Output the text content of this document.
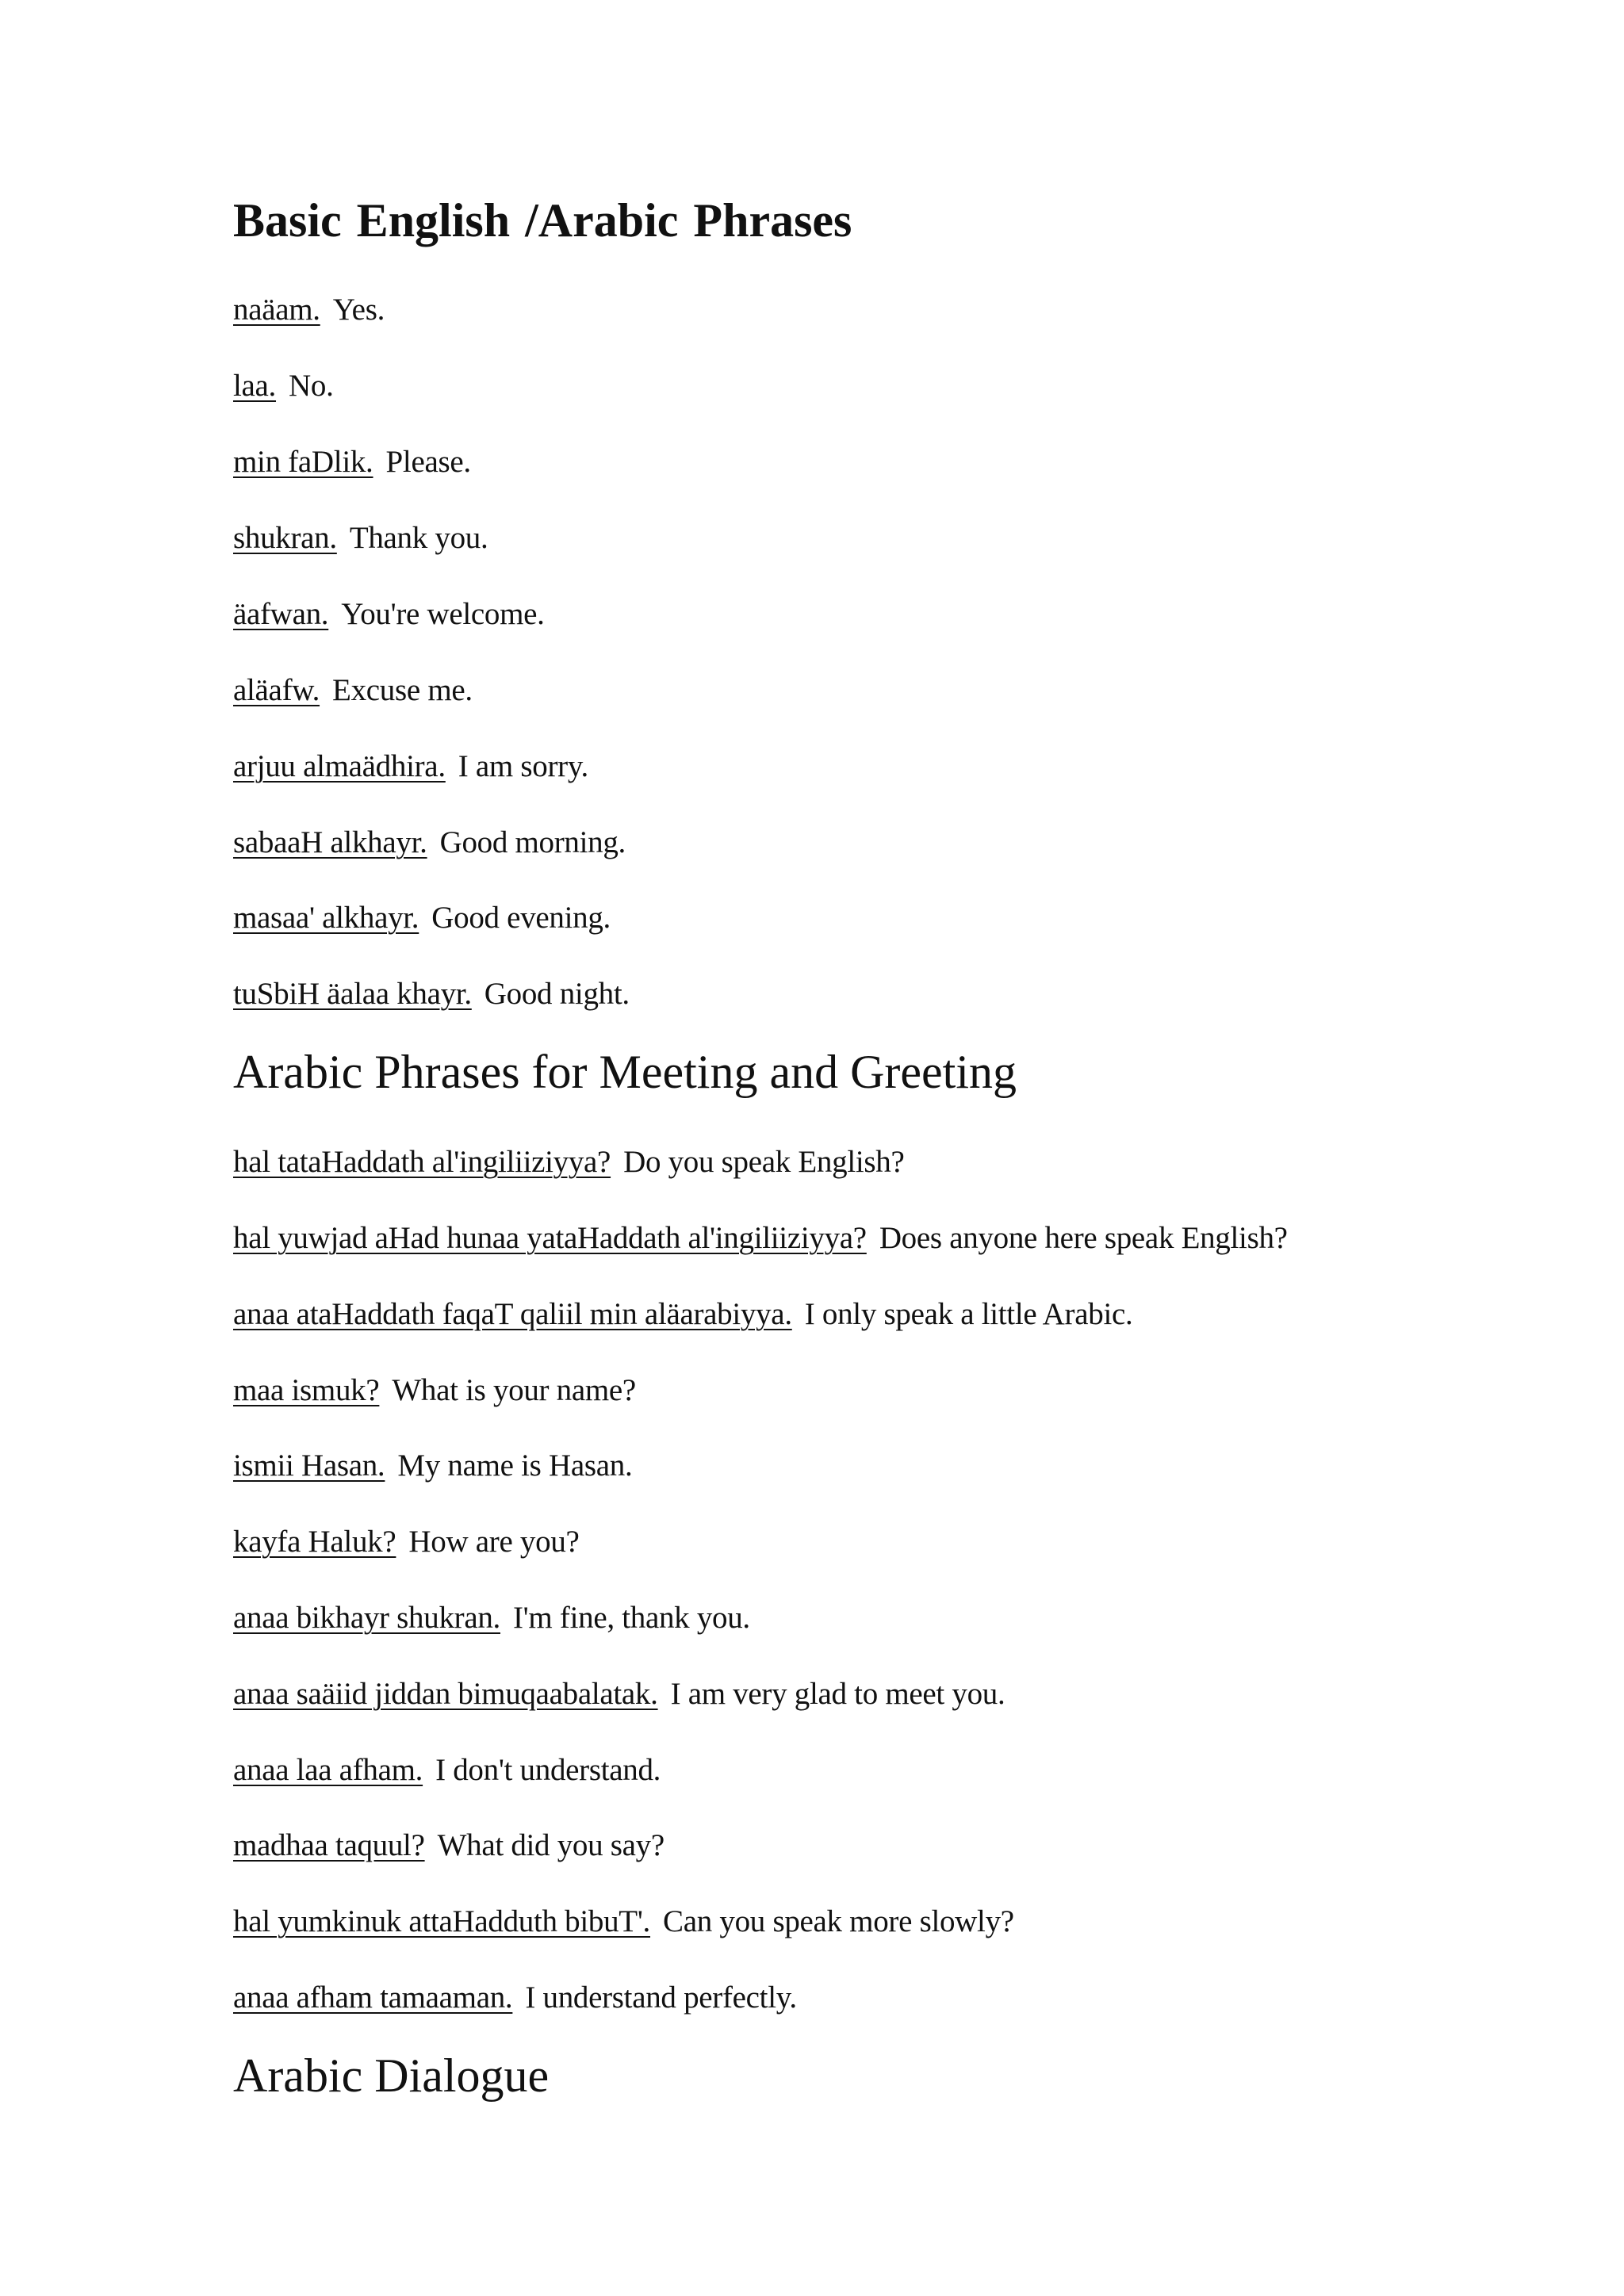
Basic English /Arabic Phrases

naäam. Yes.

laa. No.

min faDlik. Please.

shukran. Thank you.

äafwan. You're welcome.

aläafw. Excuse me.

arjuu almaädhira. I am sorry.

sabaaH alkhayr. Good morning.

masaa' alkhayr. Good evening.

tuSbiH äalaa khayr. Good night.

Arabic Phrases for Meeting and Greeting

hal tataHaddath al'ingiliiziyya? Do you speak English?

hal yuwjad aHad hunaa yataHaddath al'ingiliiziyya? Does anyone here speak English?

anaa ataHaddath faqaT qaliil min aläarabiyya. I only speak a little Arabic.

maa ismuk? What is your name?

ismii Hasan. My name is Hasan.

kayfa Haluk? How are you?

anaa bikhayr shukran. I'm fine, thank you.

anaa saäiid jiddan bimuqaabalatak. I am very glad to meet you.

anaa laa afham. I don't understand.

madhaa taquul? What did you say?

hal yumkinuk attaHadduth bibuT'. Can you speak more slowly?

anaa afham tamaaman. I understand perfectly.

Arabic Dialogue
